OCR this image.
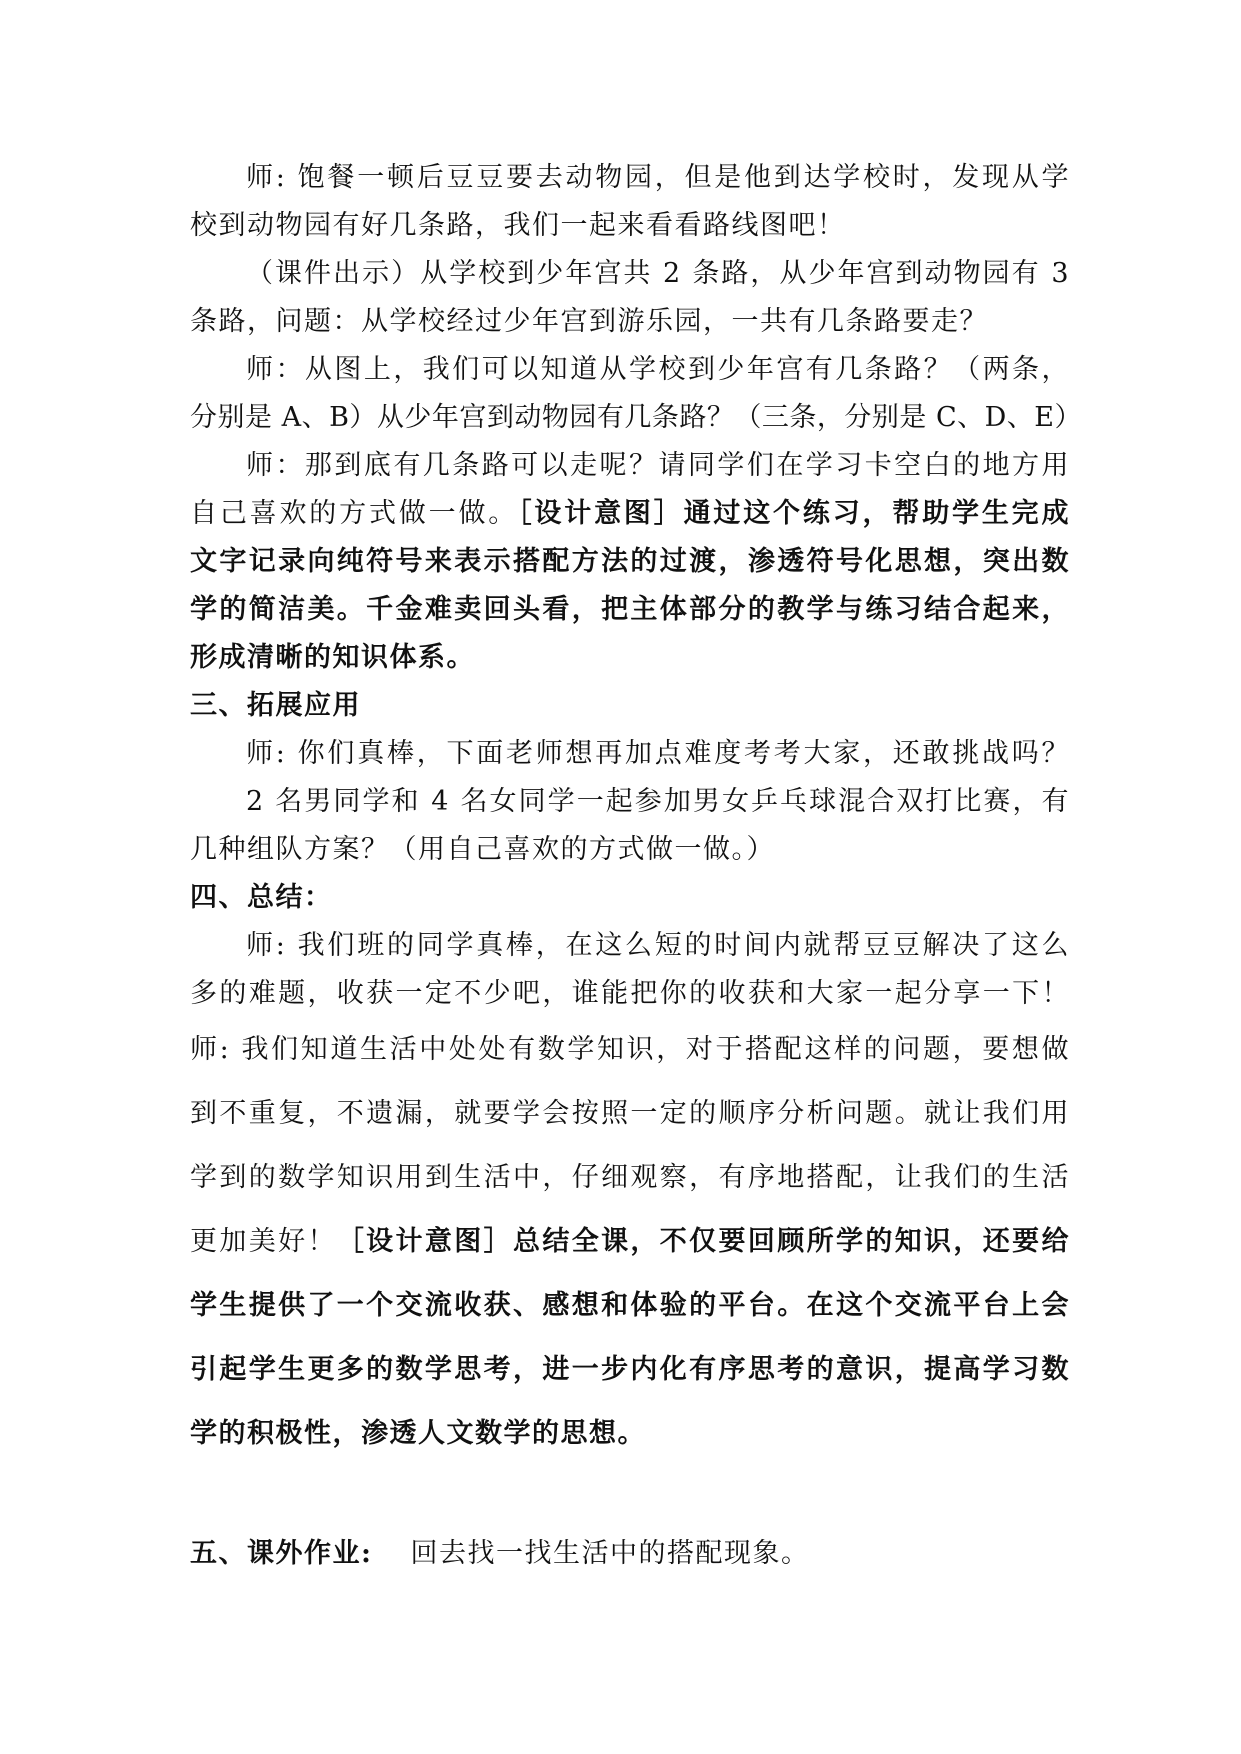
师: 饱餐一顿后豆豆要去动物园，但是他到达学校时，发现从学
校到动物园有好几条路，我们一起来看看路线图吧！
（课件出示）从学校到少年宫共 2 条路，从少年宫到动物园有 3
条路，问题：从学校经过少年宫到游乐园，一共有几条路要走？
师：从图上，我们可以知道从学校到少年宫有几条路？（两条，
分别是 A、B）从少年宫到动物园有几条路？（三条，分别是 C、D、E）
师：那到底有几条路可以走呢？请同学们在学习卡空白的地方用
自己喜欢的方式做一做。［设计意图］通过这个练习，帮助学生完成
文字记录向纯符号来表示搭配方法的过渡，渗透符号化思想，突出数
学的简洁美。千金难卖回头看，把主体部分的教学与练习结合起来，
形成清晰的知识体系。
三、拓展应用
师: 你们真棒，下面老师想再加点难度考考大家，还敢挑战吗？
2 名男同学和 4 名女同学一起参加男女乒乓球混合双打比赛，有
几种组队方案？（用自己喜欢的方式做一做。）
四、总结：
师: 我们班的同学真棒，在这么短的时间内就帮豆豆解决了这么
多的难题，收获一定不少吧，谁能把你的收获和大家一起分享一下！
师: 我们知道生活中处处有数学知识，对于搭配这样的问题，要想做
到不重复，不遗漏，就要学会按照一定的顺序分析问题。就让我们用
学到的数学知识用到生活中，仔细观察，有序地搭配，让我们的生活
更加美好！［设计意图］总结全课，不仅要回顾所学的知识，还要给
学生提供了一个交流收获、感想和体验的平台。在这个交流平台上会
引起学生更多的数学思考，进一步内化有序思考的意识，提高学习数
学的积极性，渗透人文数学的思想。
五、课外作业: 回去找一找生活中的搭配现象。
